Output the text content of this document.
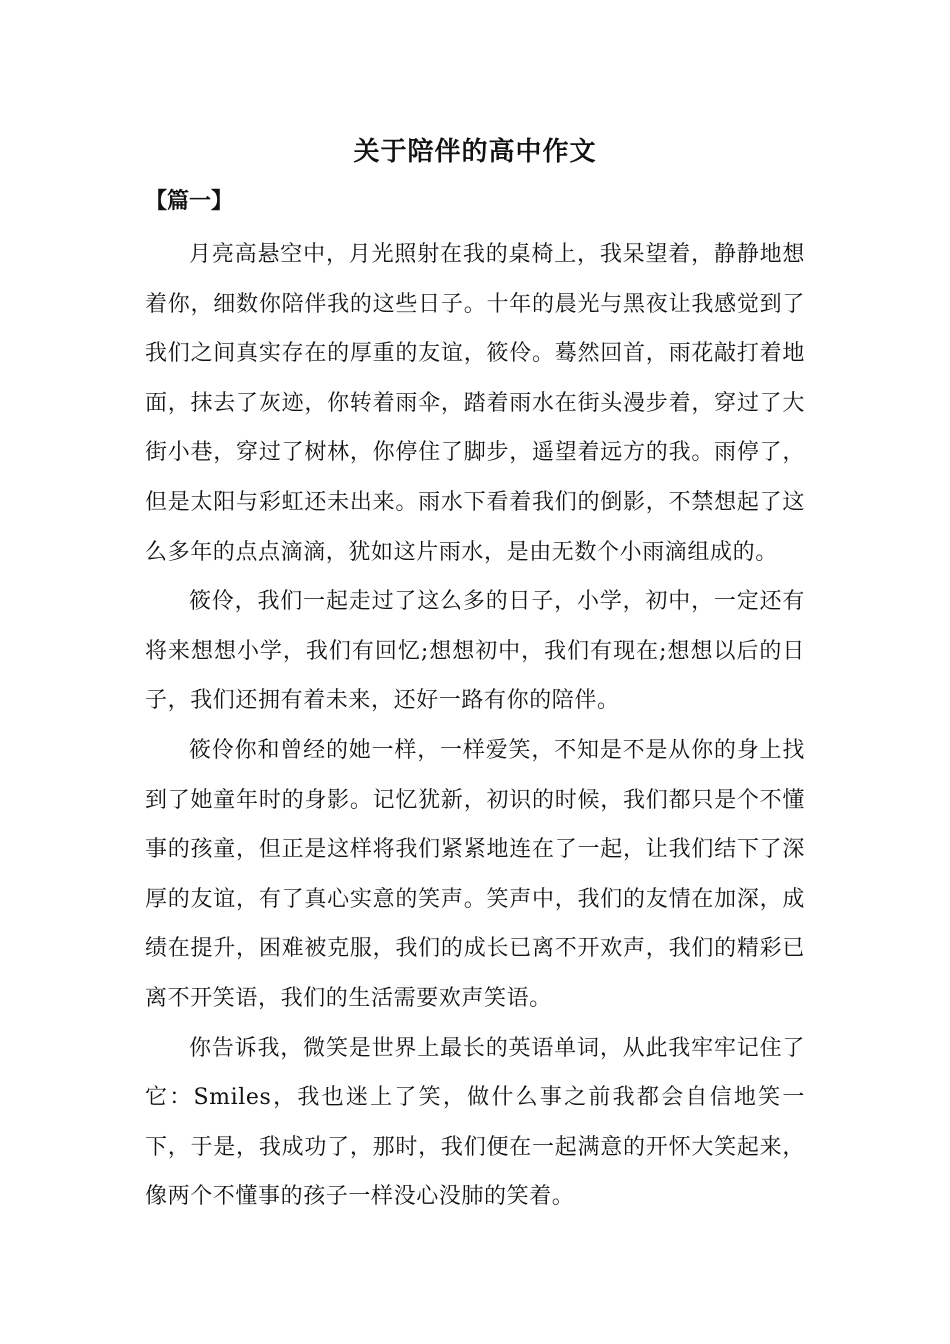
关于陪伴的高中作文
【篇一】

月亮高悬空中，月光照射在我的桌椅上，我呆望着，静静地想着你，细数你陪伴我的这些日子。十年的晨光与黑夜让我感觉到了我们之间真实存在的厚重的友谊，筱伶。蓦然回首，雨花敲打着地面，抹去了灰迹，你转着雨伞，踏着雨水在街头漫步着，穿过了大街小巷，穿过了树林，你停住了脚步，遥望着远方的我。雨停了，但是太阳与彩虹还未出来。雨水下看着我们的倒影，不禁想起了这么多年的点点滴滴，犹如这片雨水，是由无数个小雨滴组成的。

筱伶，我们一起走过了这么多的日子，小学，初中，一定还有将来想想小学，我们有回忆;想想初中，我们有现在;想想以后的日子，我们还拥有着未来，还好一路有你的陪伴。

筱伶你和曾经的她一样，一样爱笑，不知是不是从你的身上找到了她童年时的身影。记忆犹新，初识的时候，我们都只是个不懂事的孩童，但正是这样将我们紧紧地连在了一起，让我们结下了深厚的友谊，有了真心实意的笑声。笑声中，我们的友情在加深，成绩在提升，困难被克服，我们的成长已离不开欢声，我们的精彩已离不开笑语，我们的生活需要欢声笑语。

你告诉我，微笑是世界上最长的英语单词，从此我牢牢记住了它：Smiles，我也迷上了笑，做什么事之前我都会自信地笑一下，于是，我成功了，那时，我们便在一起满意的开怀大笑起来，像两个不懂事的孩子一样没心没肺的笑着。
